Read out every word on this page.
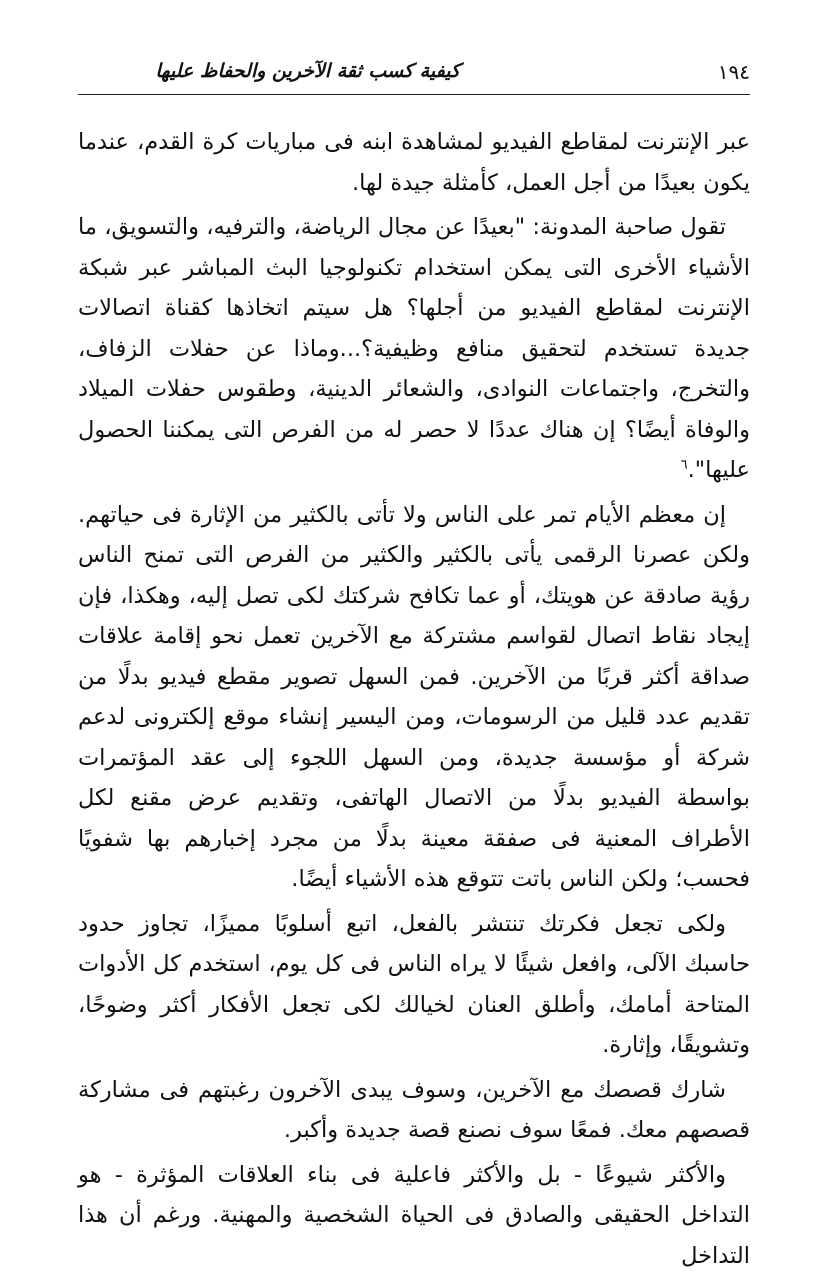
١٩٤
كيفية كسب ثقة الآخرين والحفاظ عليها

عبر الإنترنت لمقاطع الفيديو لمشاهدة ابنه فى مباريات كرة القدم، عندما يكون بعيدًا من أجل العمل، كأمثلة جيدة لها.

تقول صاحبة المدونة: "بعيدًا عن مجال الرياضة، والترفيه، والتسويق، ما الأشياء الأخرى التى يمكن استخدام تكنولوجيا البث المباشر عبر شبكة الإنترنت لمقاطع الفيديو من أجلها؟ هل سيتم اتخاذها كقناة اتصالات جديدة تستخدم لتحقيق منافع وظيفية؟...وماذا عن حفلات الزفاف، والتخرج، واجتماعات النوادى، والشعائر الدينية، وطقوس حفلات الميلاد والوفاة أيضًا؟ إن هناك عددًا لا حصر له من الفرص التى يمكننا الحصول عليها".$^٦$

إن معظم الأيام تمر على الناس ولا تأتى بالكثير من الإثارة فى حياتهم. ولكن عصرنا الرقمى يأتى بالكثير والكثير من الفرص التى تمنح الناس رؤية صادقة عن هويتك، أو عما تكافح شركتك لكى تصل إليه، وهكذا، فإن إيجاد نقاط اتصال لقواسم مشتركة مع الآخرين تعمل نحو إقامة علاقات صداقة أكثر قربًا من الآخرين. فمن السهل تصوير مقطع فيديو بدلًا من تقديم عدد قليل من الرسومات، ومن اليسير إنشاء موقع إلكترونى لدعم شركة أو مؤسسة جديدة، ومن السهل اللجوء إلى عقد المؤتمرات بواسطة الفيديو بدلًا من الاتصال الهاتفى، وتقديم عرض مقنع لكل الأطراف المعنية فى صفقة معينة بدلًا من مجرد إخبارهم بها شفويًا فحسب؛ ولكن الناس باتت تتوقع هذه الأشياء أيضًا.

ولكى تجعل فكرتك تنتشر بالفعل، اتبع أسلوبًا مميزًا، تجاوز حدود حاسبك الآلى، وافعل شيئًا لا يراه الناس فى كل يوم، استخدم كل الأدوات المتاحة أمامك، وأطلق العنان لخيالك لكى تجعل الأفكار أكثر وضوحًا، وتشويقًا، وإثارة.

شارك قصصك مع الآخرين، وسوف يبدى الآخرون رغبتهم فى مشاركة قصصهم معك. فمعًا سوف نصنع قصة جديدة وأكبر.

والأكثر شيوعًا - بل والأكثر فاعلية فى بناء العلاقات المؤثرة - هو التداخل الحقيقى والصادق فى الحياة الشخصية والمهنية. ورغم أن هذا التداخل
